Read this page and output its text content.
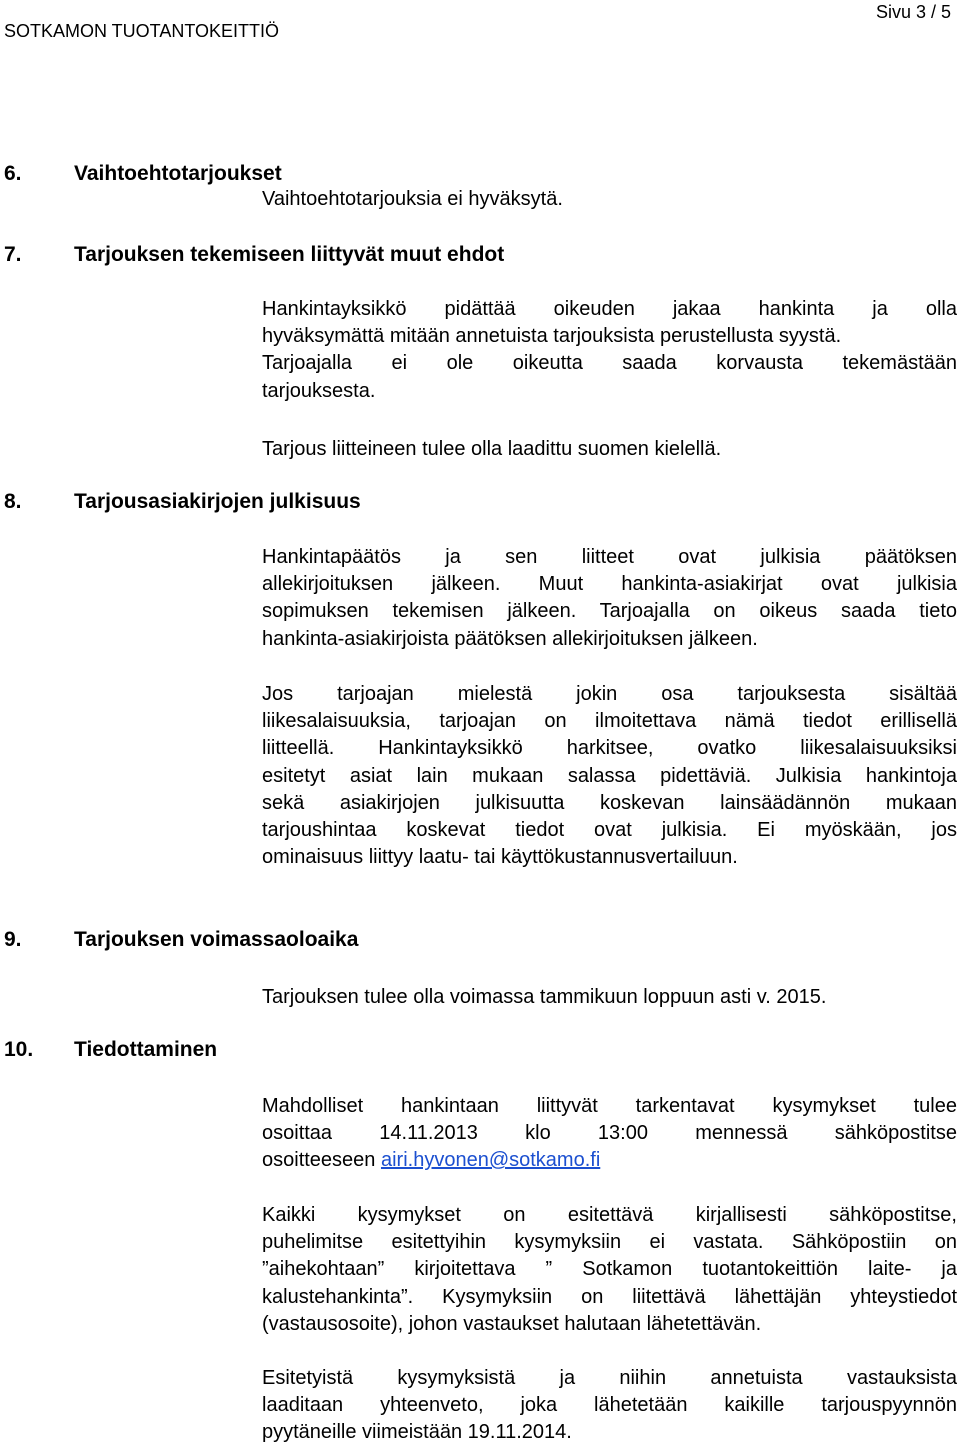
SOTKAMON TUOTANTOKEITTIÖ
Sivu 3 / 5
6. Vaihtoehtotarjoukset
Vaihtoehtotarjouksia ei hyväksytä.
7. Tarjouksen tekemiseen liittyvät muut ehdot
Hankintayksikkö pidättää oikeuden jakaa hankinta ja olla
hyväksymättä mitään annetuista tarjouksista perustellusta syystä.
Tarjoajalla ei ole oikeutta saada korvausta tekemästään
tarjouksesta.
Tarjous liitteineen tulee olla laadittu suomen kielellä.
8. Tarjousasiakirjojen julkisuus
Hankintapäätös ja sen liitteet ovat julkisia päätöksen
allekirjoituksen jälkeen. Muut hankinta-asiakirjat ovat julkisia
sopimuksen tekemisen jälkeen. Tarjoajalla on oikeus saada tieto
hankinta-asiakirjoista päätöksen allekirjoituksen jälkeen.
Jos tarjoajan mielestä jokin osa tarjouksesta sisältää
liikesalaisuuksia, tarjoajan on ilmoitettava nämä tiedot erillisellä
liitteellä. Hankintayksikkö harkitsee, ovatko liikesalaisuuksiksi
esitetyt asiat lain mukaan salassa pidettäviä. Julkisia hankintoja
sekä asiakirjojen julkisuutta koskevan lainsäädännön mukaan
tarjoushintaa koskevat tiedot ovat julkisia. Ei myöskään, jos
ominaisuus liittyy laatu- tai käyttökustannusvertailuun.
9. Tarjouksen voimassaoloaika
Tarjouksen tulee olla voimassa tammikuun loppuun asti v. 2015.
10. Tiedottaminen
Mahdolliset hankintaan liittyvät tarkentavat kysymykset tulee
osoittaa 14.11.2013 klo 13:00 mennessä sähköpostitse
osoitteeseen airi.hyvonen@sotkamo.fi
Kaikki kysymykset on esitettävä kirjallisesti sähköpostitse,
puhelimitse esitettyihin kysymyksiin ei vastata. Sähköpostiin on
”aihekohtaan” kirjoitettava ” Sotkamon tuotantokeittiön laite- ja
kalustehankinta”. Kysymyksiin on liitettävä lähettäjän yhteystiedot
(vastausosoite), johon vastaukset halutaan lähetettävän.
Esitetyistä kysymyksistä ja niihin annetuista vastauksista
laaditaan yhteenveto, joka lähetetään kaikille tarjouspyynnön
pyytäneille viimeistään 19.11.2014.
